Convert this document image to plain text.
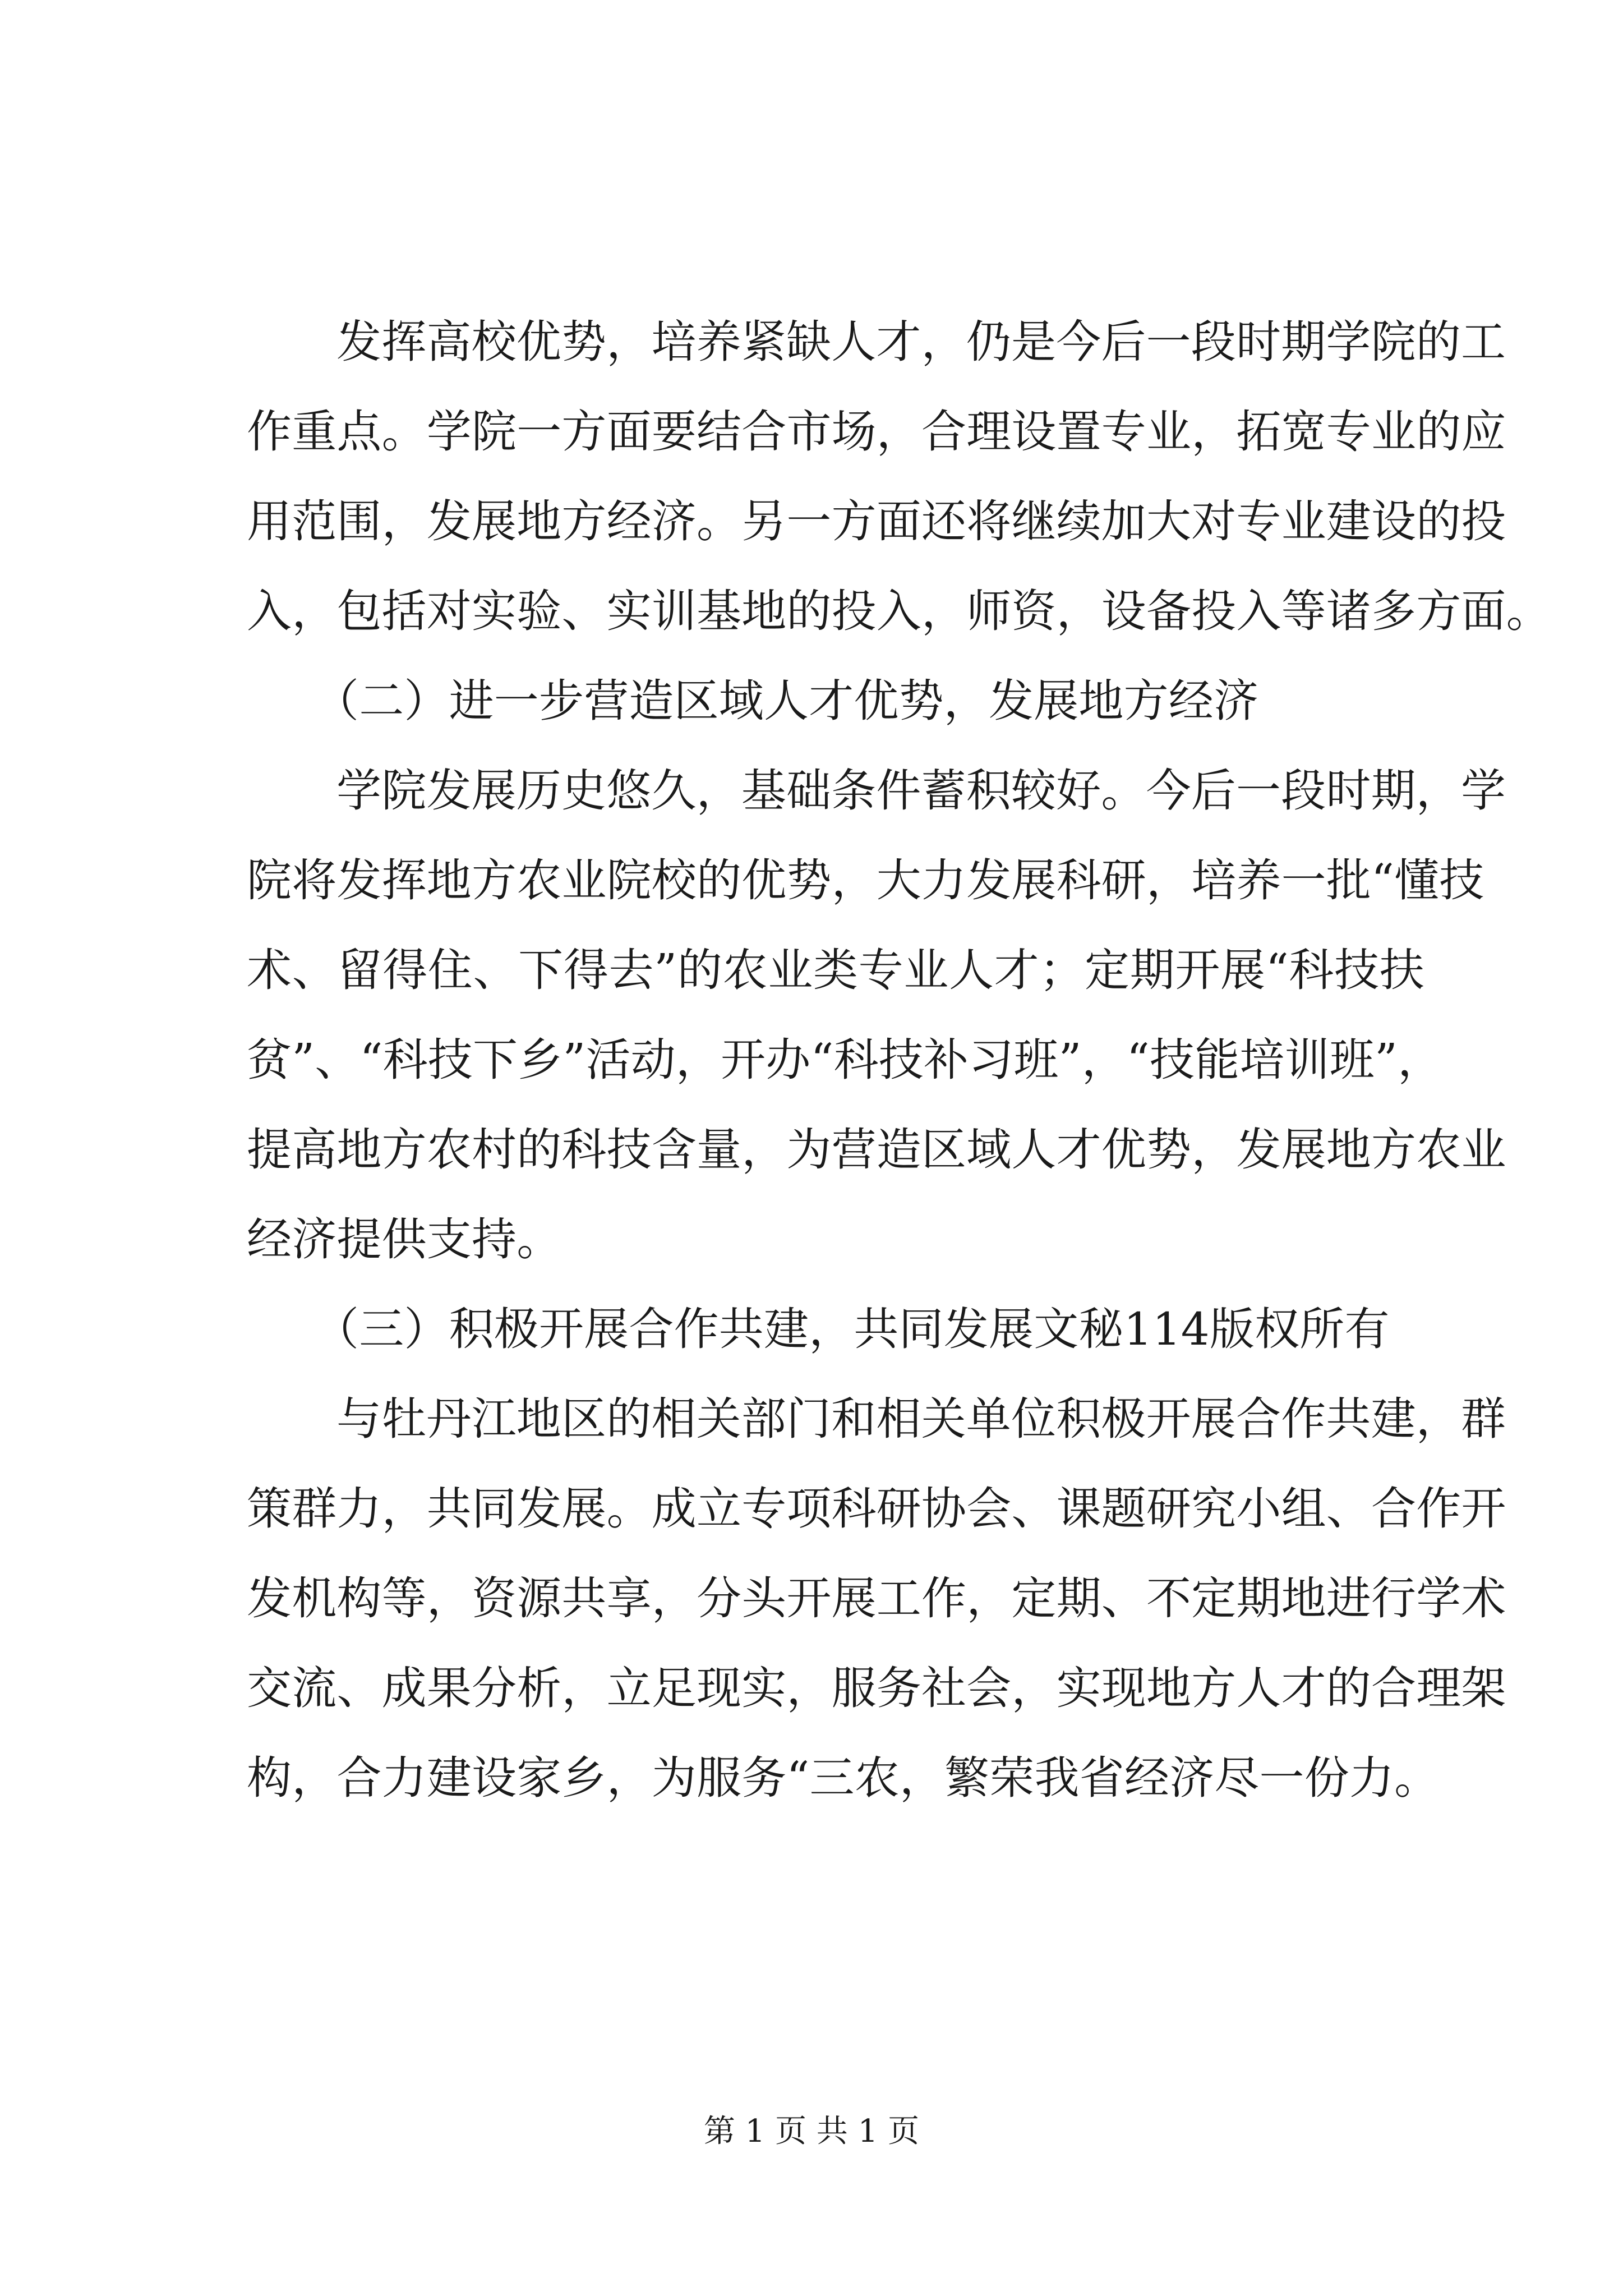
发挥高校优势，培养紧缺人才，仍是今后一段时期学院的工
作重点。学院一方面要结合市场，合理设置专业，拓宽专业的应
用范围，发展地方经济。另一方面还将继续加大对专业建设的投
入，包括对实验、实训基地的投入，师资，设备投入等诸多方面。
（二）进一步营造区域人才优势，发展地方经济
学院发展历史悠久，基础条件蓄积较好。今后一段时期，学
院将发挥地方农业院校的优势，大力发展科研，培养一批“懂技
术、留得住、下得去”的农业类专业人才；定期开展“科技扶
贫”、“科技下乡”活动，开办“科技补习班”，“技能培训班”，
提高地方农村的科技含量，为营造区域人才优势，发展地方农业
经济提供支持。
（三）积极开展合作共建，共同发展文秘114版权所有
与牡丹江地区的相关部门和相关单位积极开展合作共建，群
策群力，共同发展。成立专项科研协会、课题研究小组、合作开
发机构等，资源共享，分头开展工作，定期、不定期地进行学术
交流、成果分析，立足现实，服务社会，实现地方人才的合理架
构，合力建设家乡，为服务“三农，繁荣我省经济尽一份力。
第 1 页 共 1 页
